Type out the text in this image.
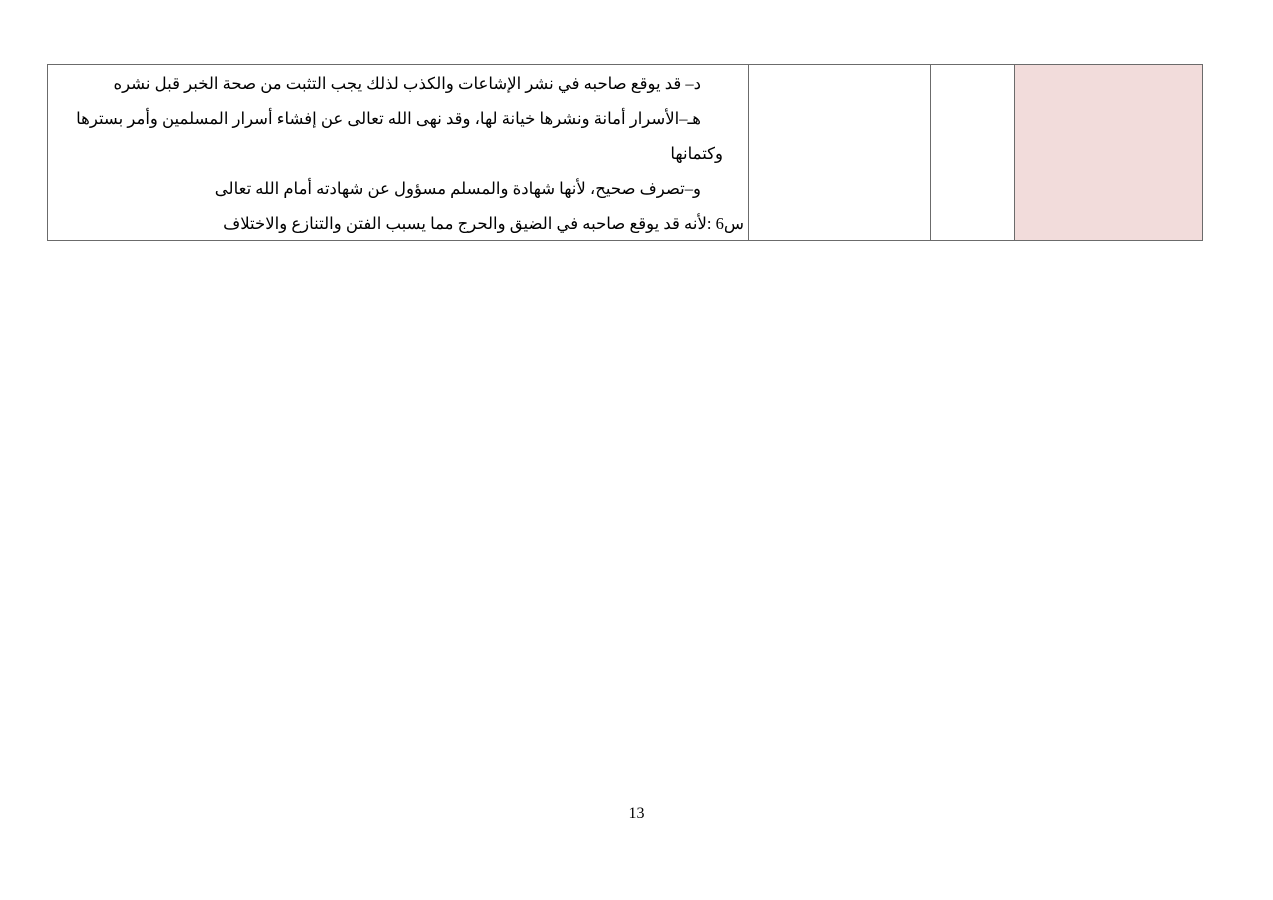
د– قد يوقع صاحبه في نشر الإشاعات والكذب لذلك يجب التثبت من صحة الخبر قبل نشره
هـ–الأسرار أمانة ونشرها خيانة لها، وقد نهى الله تعالى عن إفشاء أسرار المسلمين وأمر بسترها
وكتمانها
و–تصرف صحيح، لأنها شهادة والمسلم مسؤول عن شهادته أمام الله تعالى
س6 :لأنه قد يوقع صاحبه في الضيق والحرج مما يسبب الفتن والتنازع والاختلاف
13
